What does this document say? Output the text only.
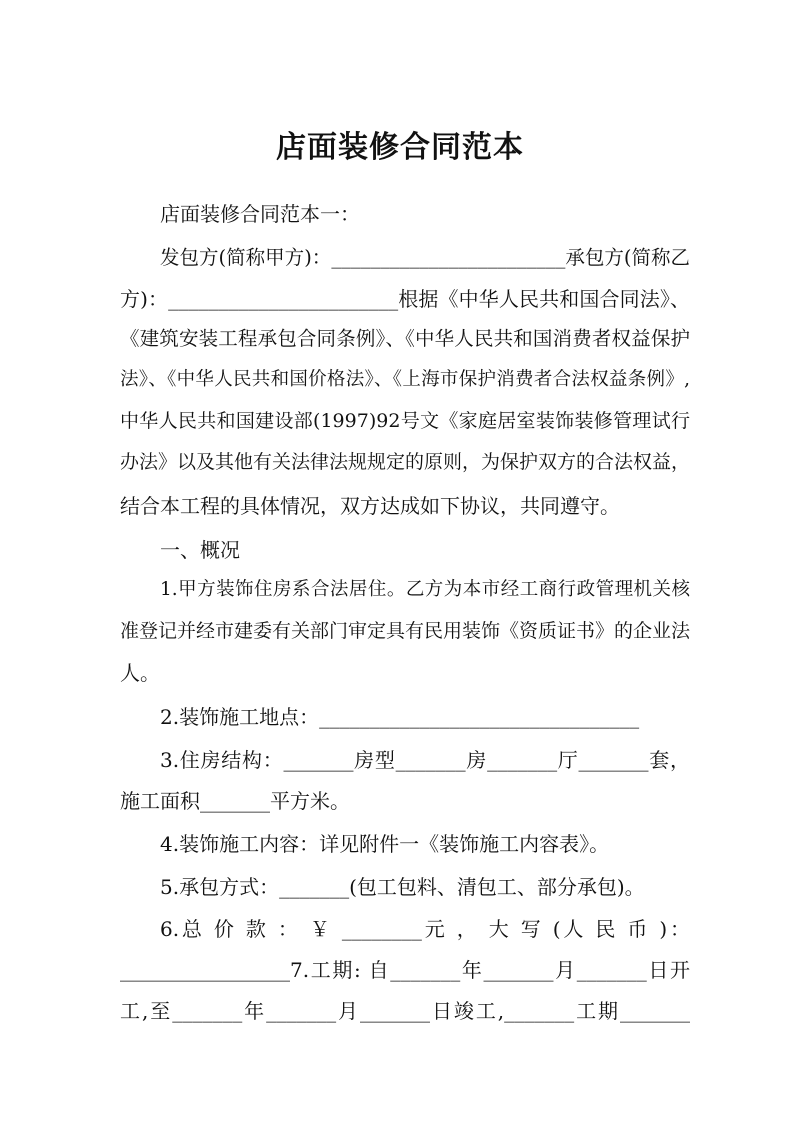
店面装修合同范本
店面装修合同范本一：
发包方(简称甲方)：________________________承包方(简称乙
方)：_______________________根据《中华人民共和国合同法》、
《建筑安装工程承包合同条例》、《中华人民共和国消费者权益保护
法》、《中华人民共和国价格法》、《上海市保护消费者合法权益条例》,
中华人民共和国建设部(1997)92号文《家庭居室装饰装修管理试行
办法》以及其他有关法律法规规定的原则，为保护双方的合法权益，
结合本工程的具体情况，双方达成如下协议，共同遵守。
一、概况
1.甲方装饰住房系合法居住。乙方为本市经工商行政管理机关核
准登记并经市建委有关部门审定具有民用装饰《资质证书》的企业法
人。
2.装饰施工地点：________________________________
3.住房结构：_______房型_______房_______厅_______套，
施工面积_______平方米。
4.装饰施工内容：详见附件一《装饰施工内容表》。
5.承包方式：_______(包工包料、清包工、部分承包)。
6.总 价 款 ： ￥ ________元 ， 大 写 (人 民 币 )：
_________________7.工期: 自_______年_______月_______日开
工,至_______年_______月_______日竣工,_______工期_______
